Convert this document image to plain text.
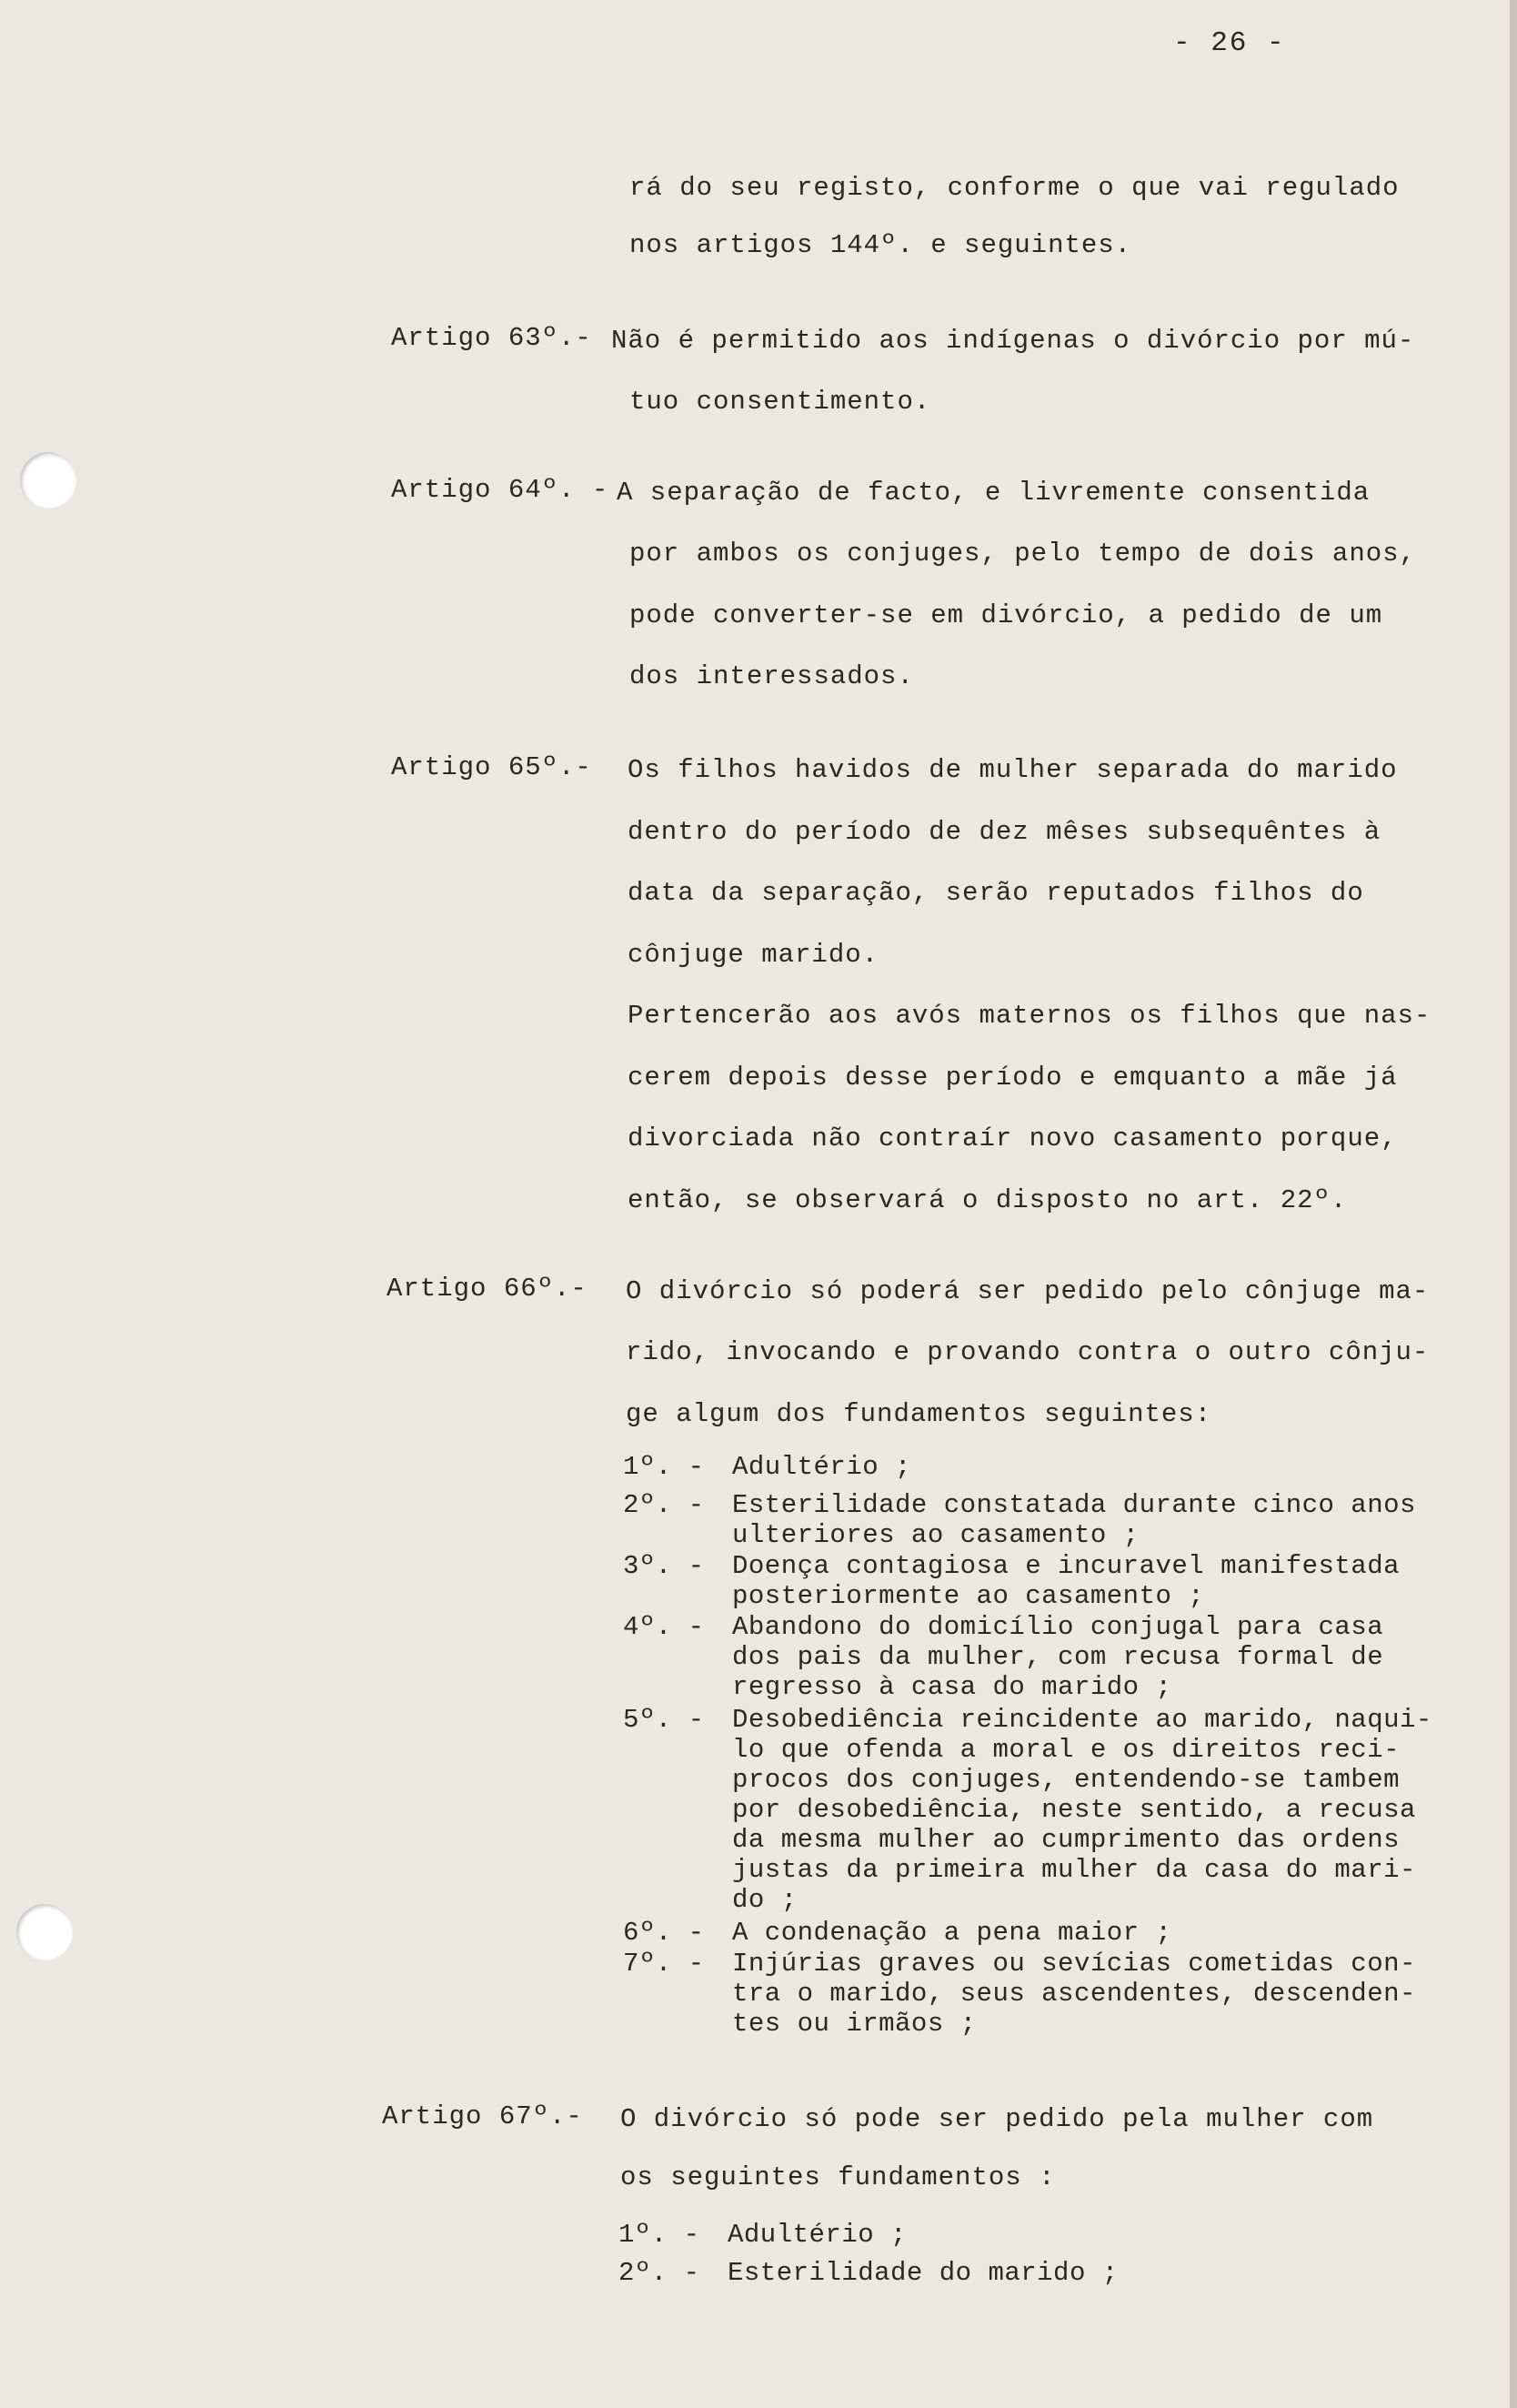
- 26 -
rá do seu registo, conforme o que vai regulado
nos artigos 144º. e seguintes.
Artigo 63º.- Não é permitido aos indígenas o divórcio por mú-
tuo consentimento.
Artigo 64º. - A separação de facto, e livremente consentida
por ambos os conjuges, pelo tempo de dois anos,
pode converter-se em divórcio, a pedido de um
dos interessados.
Artigo 65º.- Os filhos havidos de mulher separada do marido
dentro do período de dez mêses subsequêntes à
data da separação, serão reputados filhos do
cônjuge marido.
Pertencerão aos avós maternos os filhos que nas-
cerem depois desse período e emquanto a mãe já
divorciada não contraír novo casamento porque,
então, se observará o disposto no art. 22º.
Artigo 66º.- O divórcio só poderá ser pedido pelo cônjuge ma-
rido, invocando e provando contra o outro cônju-
ge algum dos fundamentos seguintes:
1º. - Adultério ;
2º. - Esterilidade constatada durante cinco anos
ulteriores ao casamento ;
3º. - Doença contagiosa e incuravel manifestada
posteriormente ao casamento ;
4º. - Abandono do domicílio conjugal para casa
dos pais da mulher, com recusa formal de
regresso à casa do marido ;
5º. - Desobediência reincidente ao marido, naqui-
lo que ofenda a moral e os direitos reci-
procos dos conjuges, entendendo-se tambem
por desobediência, neste sentido, a recusa
da mesma mulher ao cumprimento das ordens
justas da primeira mulher da casa do mari-
do ;
6º. - A condenação a pena maior ;
7º. - Injúrias graves ou sevícias cometidas con-
tra o marido, seus ascendentes, descenden-
tes ou irmãos ;
Artigo 67º.- O divórcio só pode ser pedido pela mulher com
os seguintes fundamentos :
1º. - Adultério ;
2º. - Esterilidade do marido ;
